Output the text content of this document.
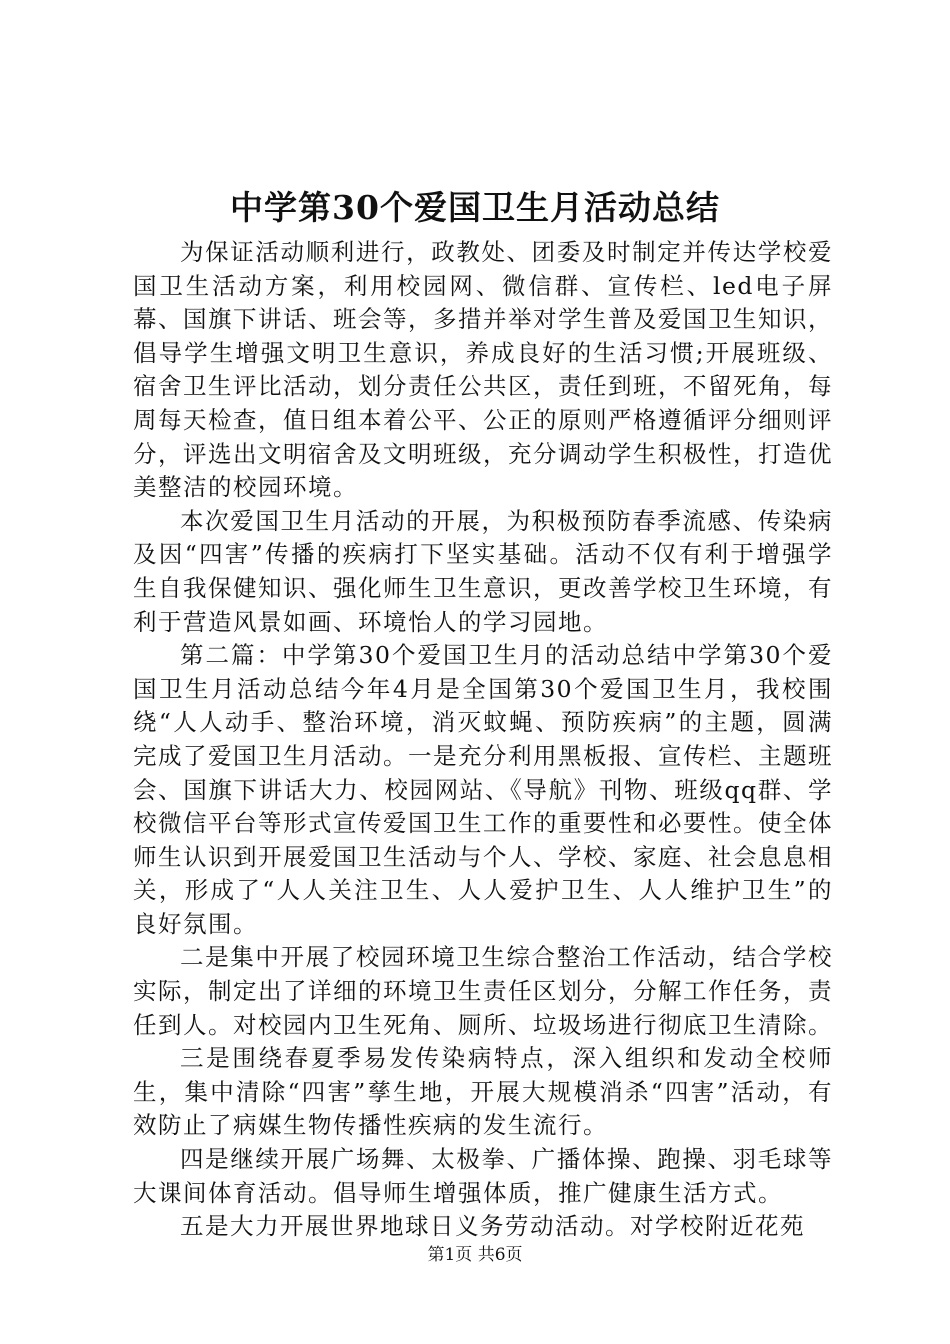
中学第30个爱国卫生月活动总结

为保证活动顺利进行，政教处、团委及时制定并传达学校爱国卫生活动方案，利用校园网、微信群、宣传栏、led电子屏幕、国旗下讲话、班会等，多措并举对学生普及爱国卫生知识，倡导学生增强文明卫生意识，养成良好的生活习惯;开展班级、宿舍卫生评比活动，划分责任公共区，责任到班，不留死角，每周每天检查，值日组本着公平、公正的原则严格遵循评分细则评分，评选出文明宿舍及文明班级，充分调动学生积极性，打造优美整洁的校园环境。

本次爱国卫生月活动的开展，为积极预防春季流感、传染病及因“四害”传播的疾病打下坚实基础。活动不仅有利于增强学生自我保健知识、强化师生卫生意识，更改善学校卫生环境，有利于营造风景如画、环境怡人的学习园地。

第二篇：中学第30个爱国卫生月的活动总结中学第30个爱国卫生月活动总结今年4月是全国第30个爱国卫生月，我校围绕“人人动手、整治环境，消灭蚊蝇、预防疾病”的主题，圆满完成了爱国卫生月活动。一是充分利用黑板报、宣传栏、主题班会、国旗下讲话大力、校园网站、《导航》刊物、班级qq群、学校微信平台等形式宣传爱国卫生工作的重要性和必要性。使全体师生认识到开展爱国卫生活动与个人、学校、家庭、社会息息相关，形成了“人人关注卫生、人人爱护卫生、人人维护卫生”的良好氛围。

二是集中开展了校园环境卫生综合整治工作活动，结合学校实际，制定出了详细的环境卫生责任区划分，分解工作任务，责任到人。对校园内卫生死角、厕所、垃圾场进行彻底卫生清除。

三是围绕春夏季易发传染病特点，深入组织和发动全校师生，集中清除“四害”孳生地，开展大规模消杀“四害”活动，有效防止了病媒生物传播性疾病的发生流行。

四是继续开展广场舞、太极拳、广播体操、跑操、羽毛球等大课间体育活动。倡导师生增强体质，推广健康生活方式。

五是大力开展世界地球日义务劳动活动。对学校附近花苑

第1页 共6页
